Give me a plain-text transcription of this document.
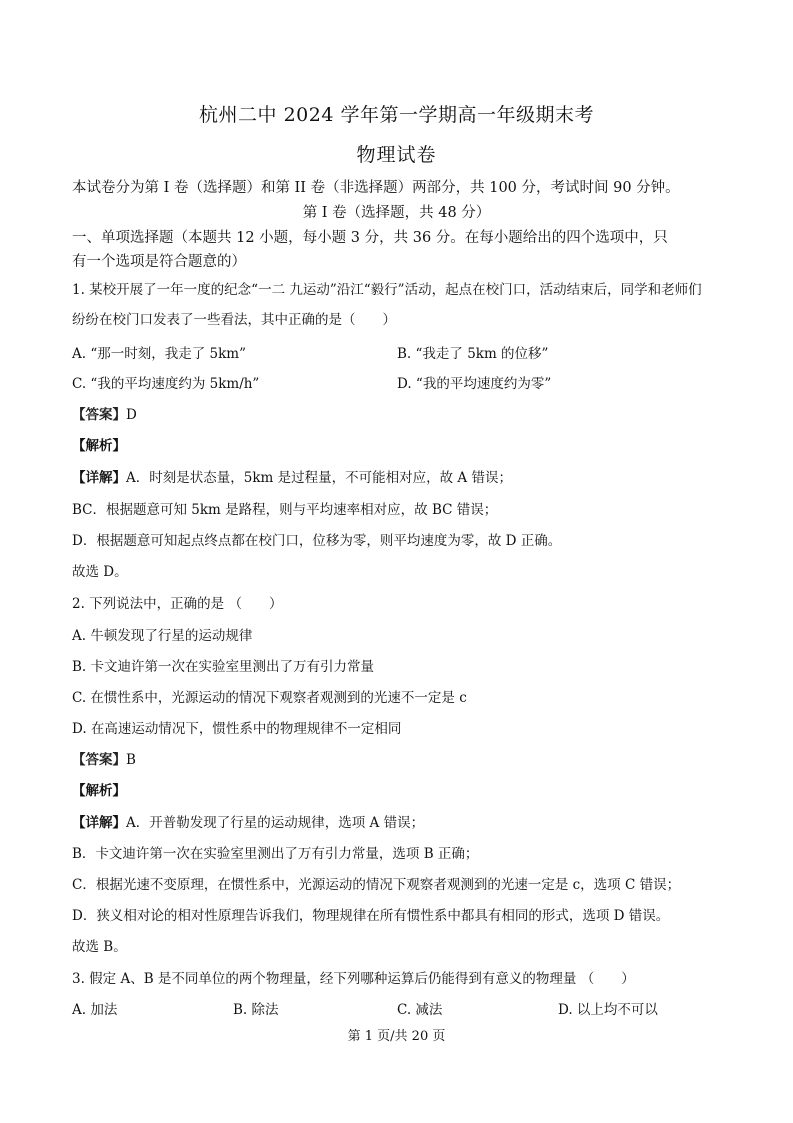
杭州二中 2024 学年第一学期高一年级期末考
物理试卷
本试卷分为第 I 卷（选择题）和第 II 卷（非选择题）两部分，共 100 分，考试时间 90 分钟。
第 I 卷（选择题，共 48 分）
一、单项选择题（本题共 12 小题，每小题 3 分，共 36 分。在每小题给出的四个选项中，只
有一个选项是符合题意的）
1. 某校开展了一年一度的纪念“一二 九运动”沿江“毅行”活动，起点在校门口，活动结束后，同学和老师们
纷纷在校门口发表了一些看法，其中正确的是（　　）
A. “那一时刻，我走了 5km”	B. “我走了 5km 的位移”
C. “我的平均速度约为 5km/h”	D. “我的平均速度约为零”
【答案】D
【解析】
【详解】A．时刻是状态量，5km 是过程量，不可能相对应，故 A 错误；
BC．根据题意可知 5km 是路程，则与平均速率相对应，故 BC 错误；
D．根据题意可知起点终点都在校门口，位移为零，则平均速度为零，故 D 正确。
故选 D。
2. 下列说法中，正确的是 （　　）
A. 牛顿发现了行星的运动规律
B. 卡文迪许第一次在实验室里测出了万有引力常量
C. 在惯性系中，光源运动的情况下观察者观测到的光速不一定是 c
D. 在高速运动情况下，惯性系中的物理规律不一定相同
【答案】B
【解析】
【详解】A．开普勒发现了行星的运动规律，选项 A 错误；
B．卡文迪许第一次在实验室里测出了万有引力常量，选项 B 正确；
C．根据光速不变原理，在惯性系中，光源运动的情况下观察者观测到的光速一定是 c，选项 C 错误；
D．狭义相对论的相对性原理告诉我们，物理规律在所有惯性系中都具有相同的形式，选项 D 错误。
故选 B。
3. 假定 A、B 是不同单位的两个物理量，经下列哪种运算后仍能得到有意义的物理量 （　　）
A. 加法	B. 除法	C. 减法	D. 以上均不可以
第 1 页/共 20 页
